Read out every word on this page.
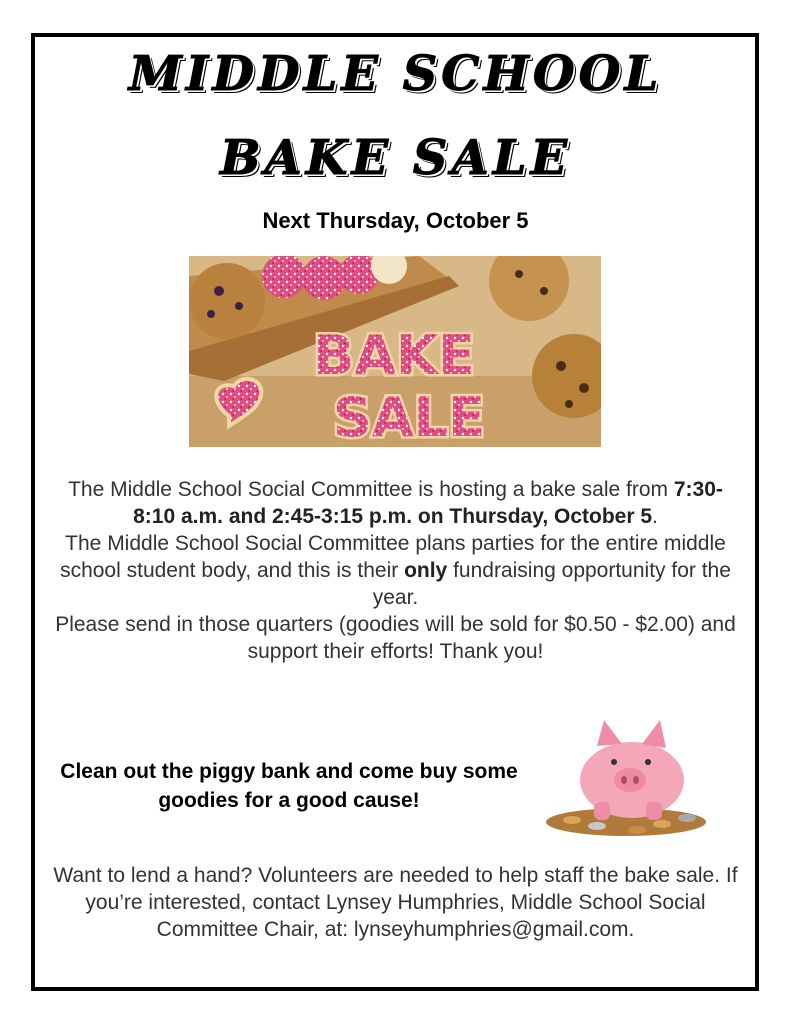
MIDDLE SCHOOL
BAKE SALE
Next Thursday, October 5
BAKE
SALE
The Middle School Social Committee is hosting a bake sale from 7:30-8:10 a.m. and 2:45-3:15 p.m. on Thursday, October 5.
The Middle School Social Committee plans parties for the entire middle school student body, and this is their only fundraising opportunity for the year.
Please send in those quarters (goodies will be sold for $0.50 - $2.00) and support their efforts! Thank you!
Clean out the piggy bank and come buy some goodies for a good cause!
Want to lend a hand? Volunteers are needed to help staff the bake sale. If you’re interested, contact Lynsey Humphries, Middle School Social Committee Chair, at: lynseyhumphries@gmail.com.
